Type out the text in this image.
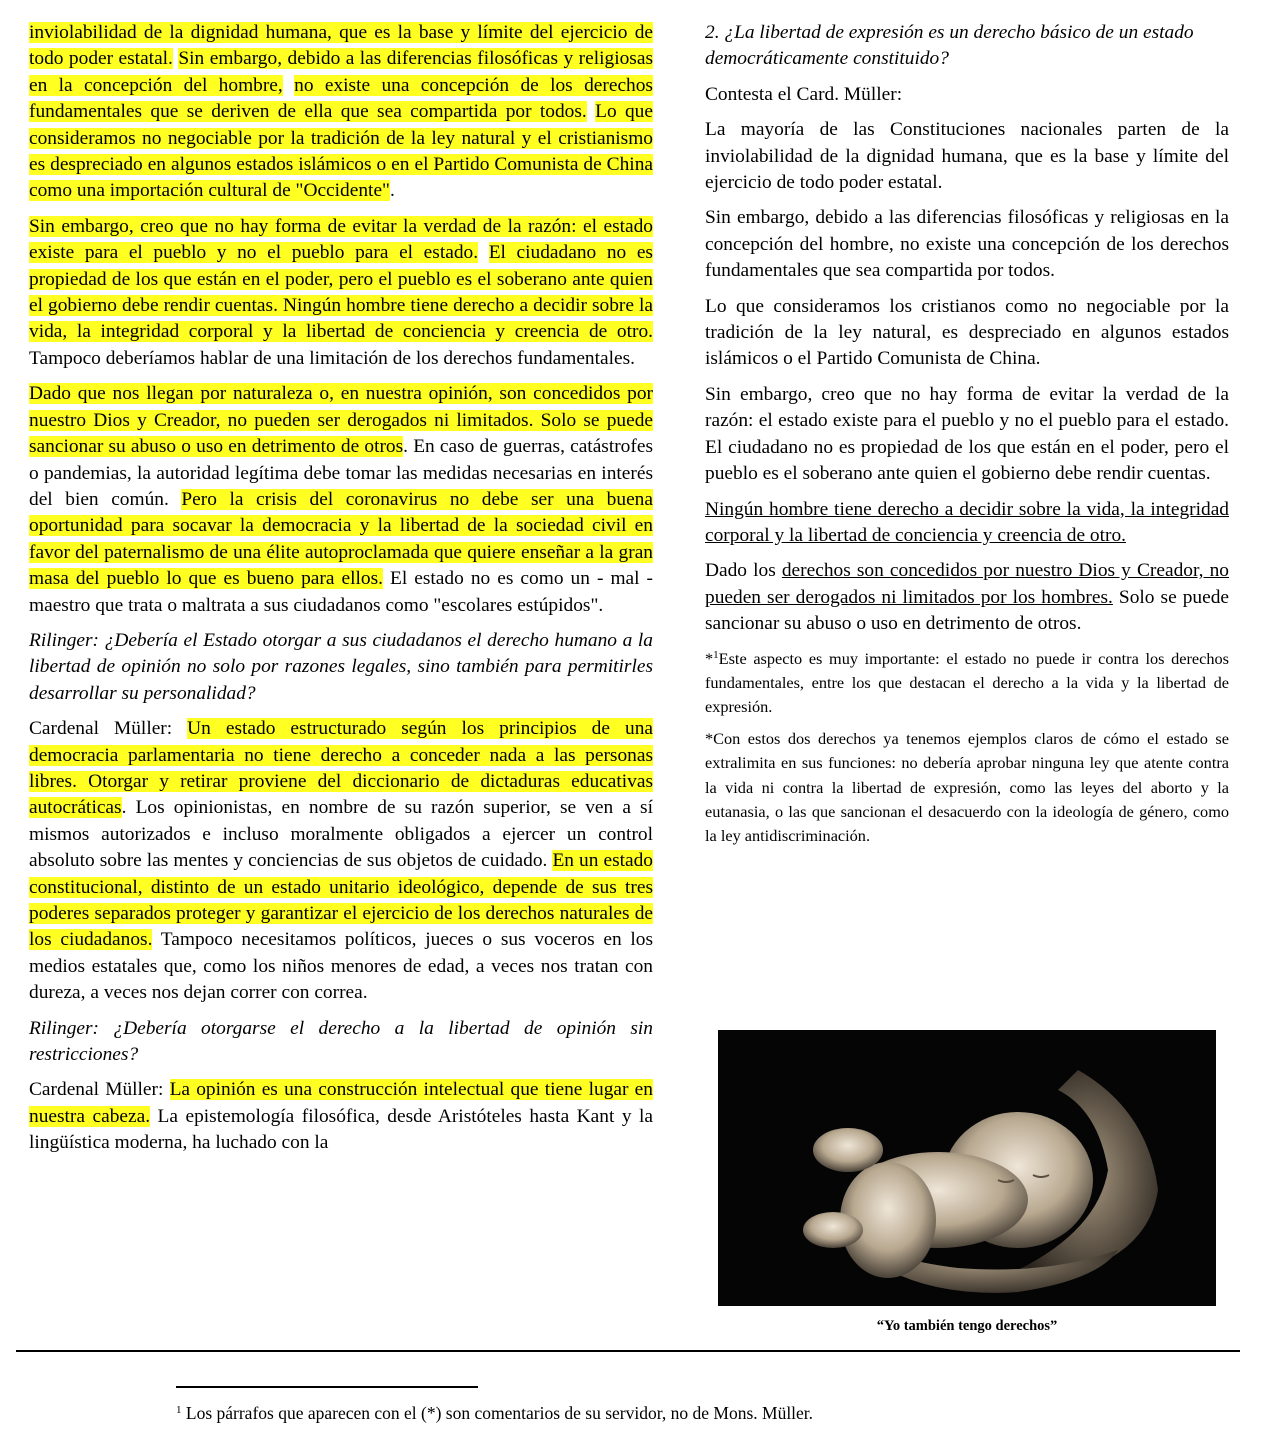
inviolabilidad de la dignidad humana, que es la base y límite del ejercicio de todo poder estatal. Sin embargo, debido a las diferencias filosóficas y religiosas en la concepción del hombre, no existe una concepción de los derechos fundamentales que se deriven de ella que sea compartida por todos. Lo que consideramos no negociable por la tradición de la ley natural y el cristianismo es despreciado en algunos estados islámicos o en el Partido Comunista de China como una importación cultural de "Occidente".

Sin embargo, creo que no hay forma de evitar la verdad de la razón: el estado existe para el pueblo y no el pueblo para el estado. El ciudadano no es propiedad de los que están en el poder, pero el pueblo es el soberano ante quien el gobierno debe rendir cuentas. Ningún hombre tiene derecho a decidir sobre la vida, la integridad corporal y la libertad de conciencia y creencia de otro. Tampoco deberíamos hablar de una limitación de los derechos fundamentales.

Dado que nos llegan por naturaleza o, en nuestra opinión, son concedidos por nuestro Dios y Creador, no pueden ser derogados ni limitados. Solo se puede sancionar su abuso o uso en detrimento de otros. En caso de guerras, catástrofes o pandemias, la autoridad legítima debe tomar las medidas necesarias en interés del bien común. Pero la crisis del coronavirus no debe ser una buena oportunidad para socavar la democracia y la libertad de la sociedad civil en favor del paternalismo de una élite autoproclamada que quiere enseñar a la gran masa del pueblo lo que es bueno para ellos. El estado no es como un - mal - maestro que trata o maltrata a sus ciudadanos como "escolares estúpidos".

Rilinger: ¿Debería el Estado otorgar a sus ciudadanos el derecho humano a la libertad de opinión no solo por razones legales, sino también para permitirles desarrollar su personalidad?

Cardenal Müller: Un estado estructurado según los principios de una democracia parlamentaria no tiene derecho a conceder nada a las personas libres. Otorgar y retirar proviene del diccionario de dictaduras educativas autocráticas. Los opinionistas, en nombre de su razón superior, se ven a sí mismos autorizados e incluso moralmente obligados a ejercer un control absoluto sobre las mentes y conciencias de sus objetos de cuidado. En un estado constitucional, distinto de un estado unitario ideológico, depende de sus tres poderes separados proteger y garantizar el ejercicio de los derechos naturales de los ciudadanos. Tampoco necesitamos políticos, jueces o sus voceros en los medios estatales que, como los niños menores de edad, a veces nos tratan con dureza, a veces nos dejan correr con correa.

Rilinger: ¿Debería otorgarse el derecho a la libertad de opinión sin restricciones?

Cardenal Müller: La opinión es una construcción intelectual que tiene lugar en nuestra cabeza. La epistemología filosófica, desde Aristóteles hasta Kant y la lingüística moderna, ha luchado con la

2. ¿La libertad de expresión es un derecho básico de un estado democráticamente constituido?

Contesta el Card. Müller:

La mayoría de las Constituciones nacionales parten de la inviolabilidad de la dignidad humana, que es la base y límite del ejercicio de todo poder estatal.

Sin embargo, debido a las diferencias filosóficas y religiosas en la concepción del hombre, no existe una concepción de los derechos fundamentales que sea compartida por todos.

Lo que consideramos los cristianos como no negociable por la tradición de la ley natural, es despreciado en algunos estados islámicos o el Partido Comunista de China.

Sin embargo, creo que no hay forma de evitar la verdad de la razón: el estado existe para el pueblo y no el pueblo para el estado. El ciudadano no es propiedad de los que están en el poder, pero el pueblo es el soberano ante quien el gobierno debe rendir cuentas.

Ningún hombre tiene derecho a decidir sobre la vida, la integridad corporal y la libertad de conciencia y creencia de otro.

Dado los derechos son concedidos por nuestro Dios y Creador, no pueden ser derogados ni limitados por los hombres. Solo se puede sancionar su abuso o uso en detrimento de otros.

*$^1$Este aspecto es muy importante: el estado no puede ir contra los derechos fundamentales, entre los que destacan el derecho a la vida y la libertad de expresión.

*Con estos dos derechos ya tenemos ejemplos claros de cómo el estado se extralimita en sus funciones: no debería aprobar ninguna ley que atente contra la vida ni contra la libertad de expresión, como las leyes del aborto y la eutanasia, o las que sancionan el desacuerdo con la ideología de género, como la ley antidiscriminación.

“Yo también tengo derechos”
$^1$ Los párrafos que aparecen con el (*) son comentarios de su servidor, no de Mons. Müller.
